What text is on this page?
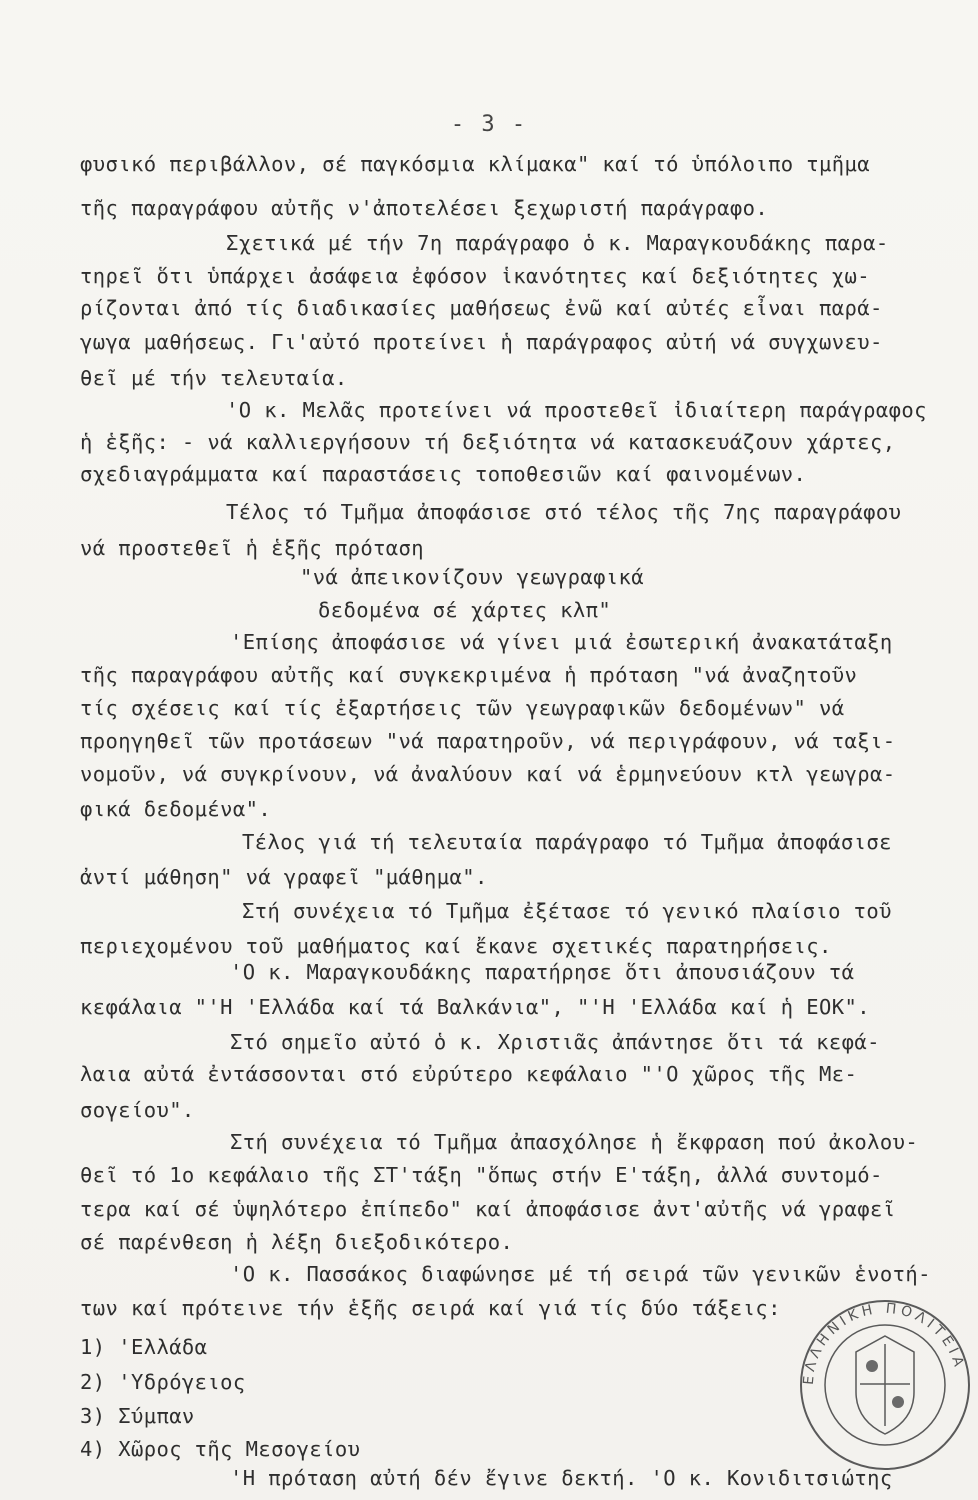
- 3 -
φυσικό περιβάλλον, σέ παγκόσμια κλίμακα" καί τό ὑπόλοιπο τμῆμα
τῆς παραγράφου αὐτῆς ν'ἀποτελέσει ξεχωριστή παράγραφο.
Σχετικά μέ τήν 7η παράγραφο ὁ κ. Μαραγκουδάκης παρα-
τηρεῖ ὅτι ὑπάρχει ἀσάφεια ἐφόσον ἱκανότητες καί δεξιότητες χω-
ρίζονται ἀπό τίς διαδικασίες μαθήσεως ἐνῶ καί αὐτές εἶναι παρά-
γωγα μαθήσεως. Γι'αὐτό προτείνει ἡ παράγραφος αὐτή νά συγχωνευ-
θεῖ μέ τήν τελευταία.
'Ο κ. Μελᾶς προτείνει νά προστεθεῖ ἰδιαίτερη παράγραφος
ἡ ἑξῆς: - νά καλλιεργήσουν τή δεξιότητα νά κατασκευάζουν χάρτες,
σχεδιαγράμματα καί παραστάσεις τοποθεσιῶν καί φαινομένων.
Τέλος τό Τμῆμα ἀποφάσισε στό τέλος τῆς 7ης παραγράφου
νά προστεθεῖ ἡ ἑξῆς πρόταση
"νά ἀπεικονίζουν γεωγραφικά
δεδομένα σέ χάρτες κλπ"
'Επίσης ἀποφάσισε νά γίνει μιά ἐσωτερική ἀνακατάταξη
τῆς παραγράφου αὐτῆς καί συγκεκριμένα ἡ πρόταση "νά ἀναζητοῦν
τίς σχέσεις καί τίς ἐξαρτήσεις τῶν γεωγραφικῶν δεδομένων" νά
προηγηθεῖ τῶν προτάσεων "νά παρατηροῦν, νά περιγράφουν, νά ταξι-
νομοῦν, νά συγκρίνουν, νά ἀναλύουν καί νά ἑρμηνεύουν κτλ γεωγρα-
φικά δεδομένα".
Τέλος γιά τή τελευταία παράγραφο τό Τμῆμα ἀποφάσισε
ἀντί μάθηση" νά γραφεῖ "μάθημα".
Στή συνέχεια τό Τμῆμα ἐξέτασε τό γενικό πλαίσιο τοῦ
περιεχομένου τοῦ μαθήματος καί ἔκανε σχετικές παρατηρήσεις.
'Ο κ. Μαραγκουδάκης παρατήρησε ὅτι ἀπουσιάζουν τά
κεφάλαια "'Η 'Ελλάδα καί τά Βαλκάνια", "'Η 'Ελλάδα καί ἡ ΕΟΚ".
Στό σημεῖο αὐτό ὁ κ. Χριστιᾶς ἀπάντησε ὅτι τά κεφά-
λαια αὐτά ἐντάσσονται στό εὐρύτερο κεφάλαιο "'Ο χῶρος τῆς Με-
σογείου".
Στή συνέχεια τό Τμῆμα ἀπασχόλησε ἡ ἔκφραση πού ἀκολου-
θεῖ τό 1ο κεφάλαιο τῆς ΣΤ'τάξη "ὅπως στήν Ε'τάξη, ἀλλά συντομό-
τερα καί σέ ὑψηλότερο ἐπίπεδο" καί ἀποφάσισε ἀντ'αὐτῆς νά γραφεῖ
σέ παρένθεση ἡ λέξη διεξοδικότερο.
'Ο κ. Πασσάκος διαφώνησε μέ τή σειρά τῶν γενικῶν ἑνοτή-
των καί πρότεινε τήν ἑξῆς σειρά καί γιά τίς δύο τάξεις:
1) 'Ελλάδα
2) 'Υδρόγειος
3) Σύμπαν
4) Χῶρος τῆς Μεσογείου
'Η πρόταση αὐτή δέν ἔγινε δεκτή. 'Ο κ. Κονιδιτσιώτης
ΕΛΛΗΝΙΚΗ ΠΟΛΙΤΕΙΑ
